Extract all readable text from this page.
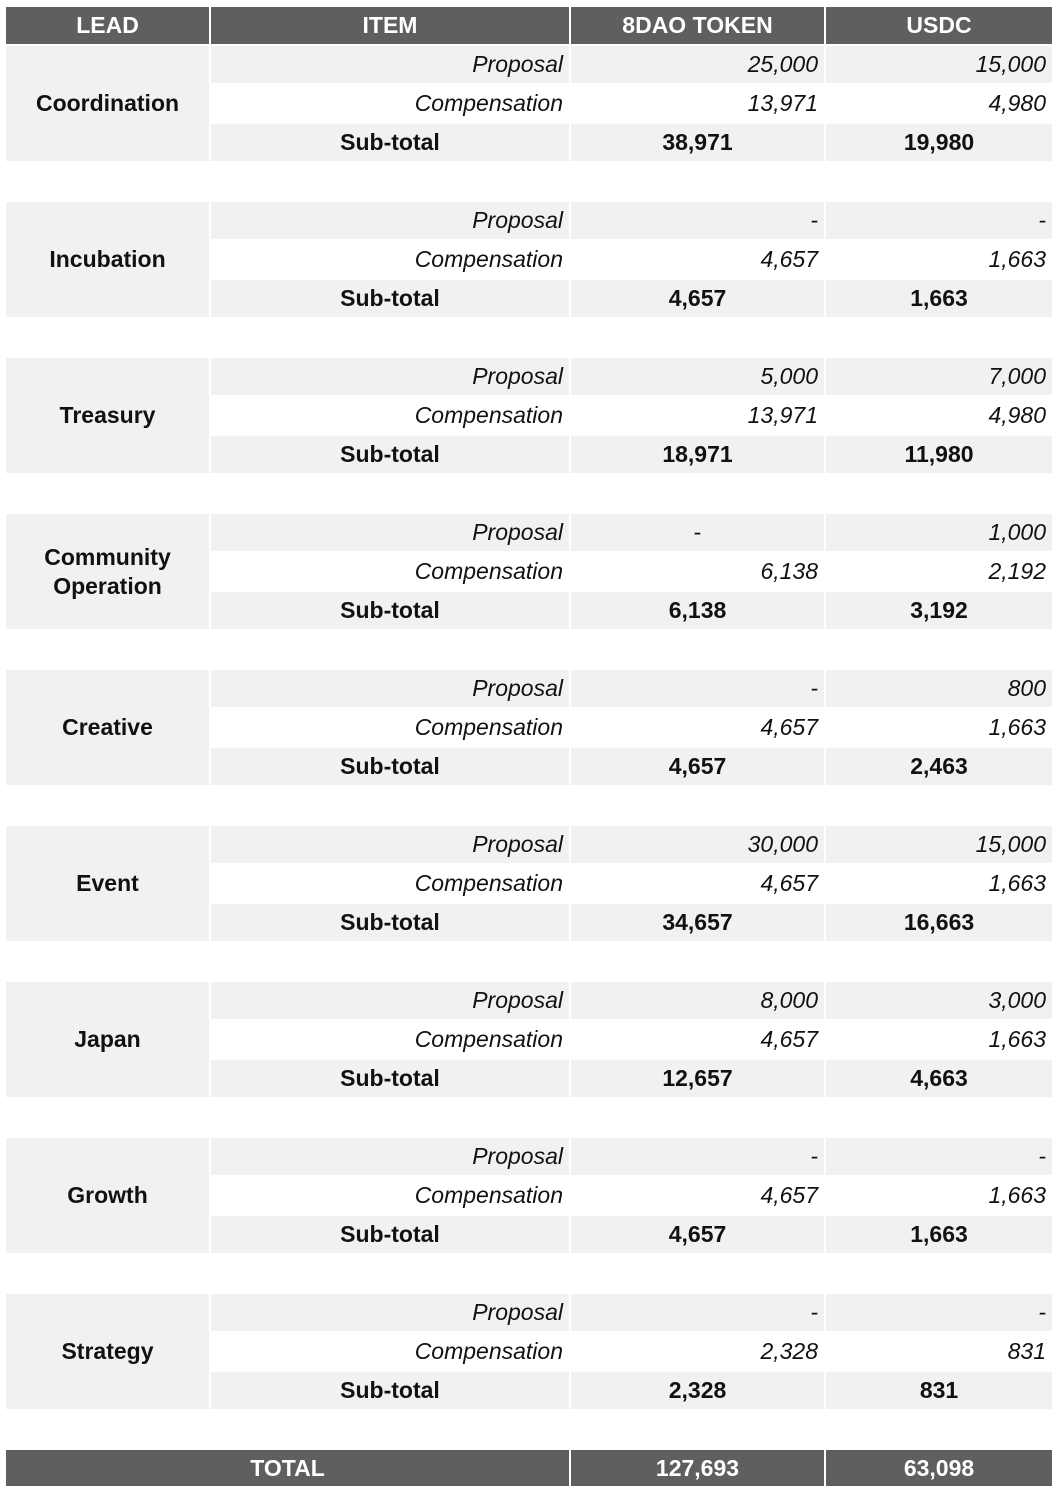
LEAD	ITEM	8DAO TOKEN	USDC
Coordination	Proposal	25,000	15,000
	Compensation	13,971	4,980
	Sub-total	38,971	19,980

Incubation	Proposal	-	-
	Compensation	4,657	1,663
	Sub-total	4,657	1,663

Treasury	Proposal	5,000	7,000
	Compensation	13,971	4,980
	Sub-total	18,971	11,980

Community Operation	Proposal	-	1,000
	Compensation	6,138	2,192
	Sub-total	6,138	3,192

Creative	Proposal	-	800
	Compensation	4,657	1,663
	Sub-total	4,657	2,463

Event	Proposal	30,000	15,000
	Compensation	4,657	1,663
	Sub-total	34,657	16,663

Japan	Proposal	8,000	3,000
	Compensation	4,657	1,663
	Sub-total	12,657	4,663

Growth	Proposal	-	-
	Compensation	4,657	1,663
	Sub-total	4,657	1,663

Strategy	Proposal	-	-
	Compensation	2,328	831
	Sub-total	2,328	831

TOTAL		127,693	63,098
